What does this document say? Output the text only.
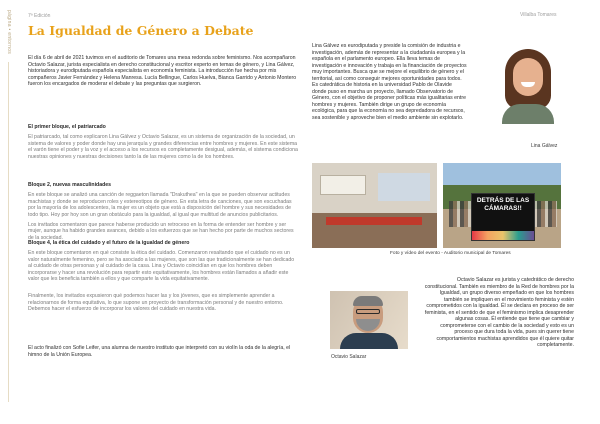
página • entornos	7ª Edición	Villalba Tomares
La Igualdad de Género a Debate

El día 6 de abril de 2021 tuvimos en el auditorio de Tomares una mesa redonda sobre feminismo. Nos acompañaron Octavio Salazar, jurista especialista en derecho constitucional y escritor experto en temas de género, y Lina Gálvez, historiadora y eurodiputada española especialista en economía feminista. La introducción fue hecha por mis compañeros Javier Fernández y Helena Manresa. Lucía Bellingue, Carlos Huelva, Bianca Garrido y Antonio Montero fueron los encargados de moderar el debate y las preguntas que surgieron.

El primer bloque, el patriarcado

El patriarcado, tal como explicaron Lina Gálvez y Octavio Salazar, es un sistema de organización de la sociedad, un sistema de valores y poder donde hay una jerarquía y grandes diferencias entre hombres y mujeres. En este sistema el varón tiene el poder y la voz y el acceso a los recursos es completamente desigual, además, el sistema condiciona nuestras opiniones y nuestras decisiones tanto la de las mujeres como la de los hombres.

Bloque 2, nuevas masculinidades

En este bloque se analizó una canción de reggaeton llamada "Drakuthea" en la que se pueden observar actitudes machistas y donde se reproducen roles y estereotipos de género. En esta letra de canciones, que son escuchadas por la mayoría de los adolescentes, la mujer es un objeto que está a disposición del hombre y sus necesidades de todo tipo. Hoy por hoy son un gran obstáculo para la igualdad, al igual que multitud de anuncios publicitarios.

Los invitados comentaron que parece haberse producido un retroceso en la forma de entender ser hombre y ser mujer, aunque ha habido grandes avances, debido a los esfuerzos que se han hecho por parte de muchos sectores de la sociedad.

Bloque 4, la ética del cuidado y el futuro de la igualdad de género

En este bloque comentaron en qué consiste la ética del cuidado. Comenzaron resaltando que el cuidado no es un valor naturalmente femenino, pero se ha asociado a las mujeres, que son las que tradicionalmente se han dedicado al cuidado de otras personas y al cuidado de la casa. Lina y Octavio coincidían en que los hombres deben incorporarse y hacer una revolución para repartir esto equitativamente, los hombres están llamados a añadir este valor que les beneficia también a ellos y que comparte la vida equitativamente.

Finalmente, los invitados expusieron qué podemos hacer las y los jóvenes, que es simplemente aprender a relacionarnos de forma equitativa, lo que supone un proyecto de transformación personal y de nuestro entorno. Debemos hacer el esfuerzo de incorporar los valores del cuidado en nuestra vida.

El acto finalizó con Sofie Leifer, una alumna de nuestro instituto que interpretó con su violín la oda de la alegría, el himno de la Unión Europea.

Lina Gálvez es eurodiputada y preside la comisión de industria e investigación, además de representar a la ciudadanía europea y la española en el parlamento europeo. Ella lleva temas de investigación e innovación y trabaja en la financiación de proyectos muy importantes. Busca que se mejore el equilibrio de género y el territorial, así como conseguir mejores oportunidades para todos. Es catedrática de historia en la universidad Pablo de Olavide donde puso en marcha un proyecto, llamado Observatorio de Género, con el objetivo de proponer políticas más igualitarias entre hombres y mujeres. También dirige un grupo de economía ecológica, para que la economía no sea depredadora de recursos, sea sostenible y aproveche bien el medio ambiente sin explotarlo.

Lina Gálvez
DETRÁS DE LAS
CÁMARAS!!
Foto y vídeo del evento - Auditorio municipal de Tomares
Octavio Salazar

Octavio Salazar es jurista y catedrático de derecho constitucional. También es miembro de la Red de hombres por la Igualdad, un grupo diverso empeñado en que los hombres también se impliquen en el movimiento feminista y estén comprometidos con la igualdad. Él se declara en proceso de ser feminista, en el sentido de que el feminismo implica desaprender algunas cosas. Él entiende que tiene que cambiar y comprometerse con el cambio de la sociedad y esto es un proceso que dura toda la vida, pues sin querer tiene comportamientos machistas aprendidos que él quiere quitar completamente.
